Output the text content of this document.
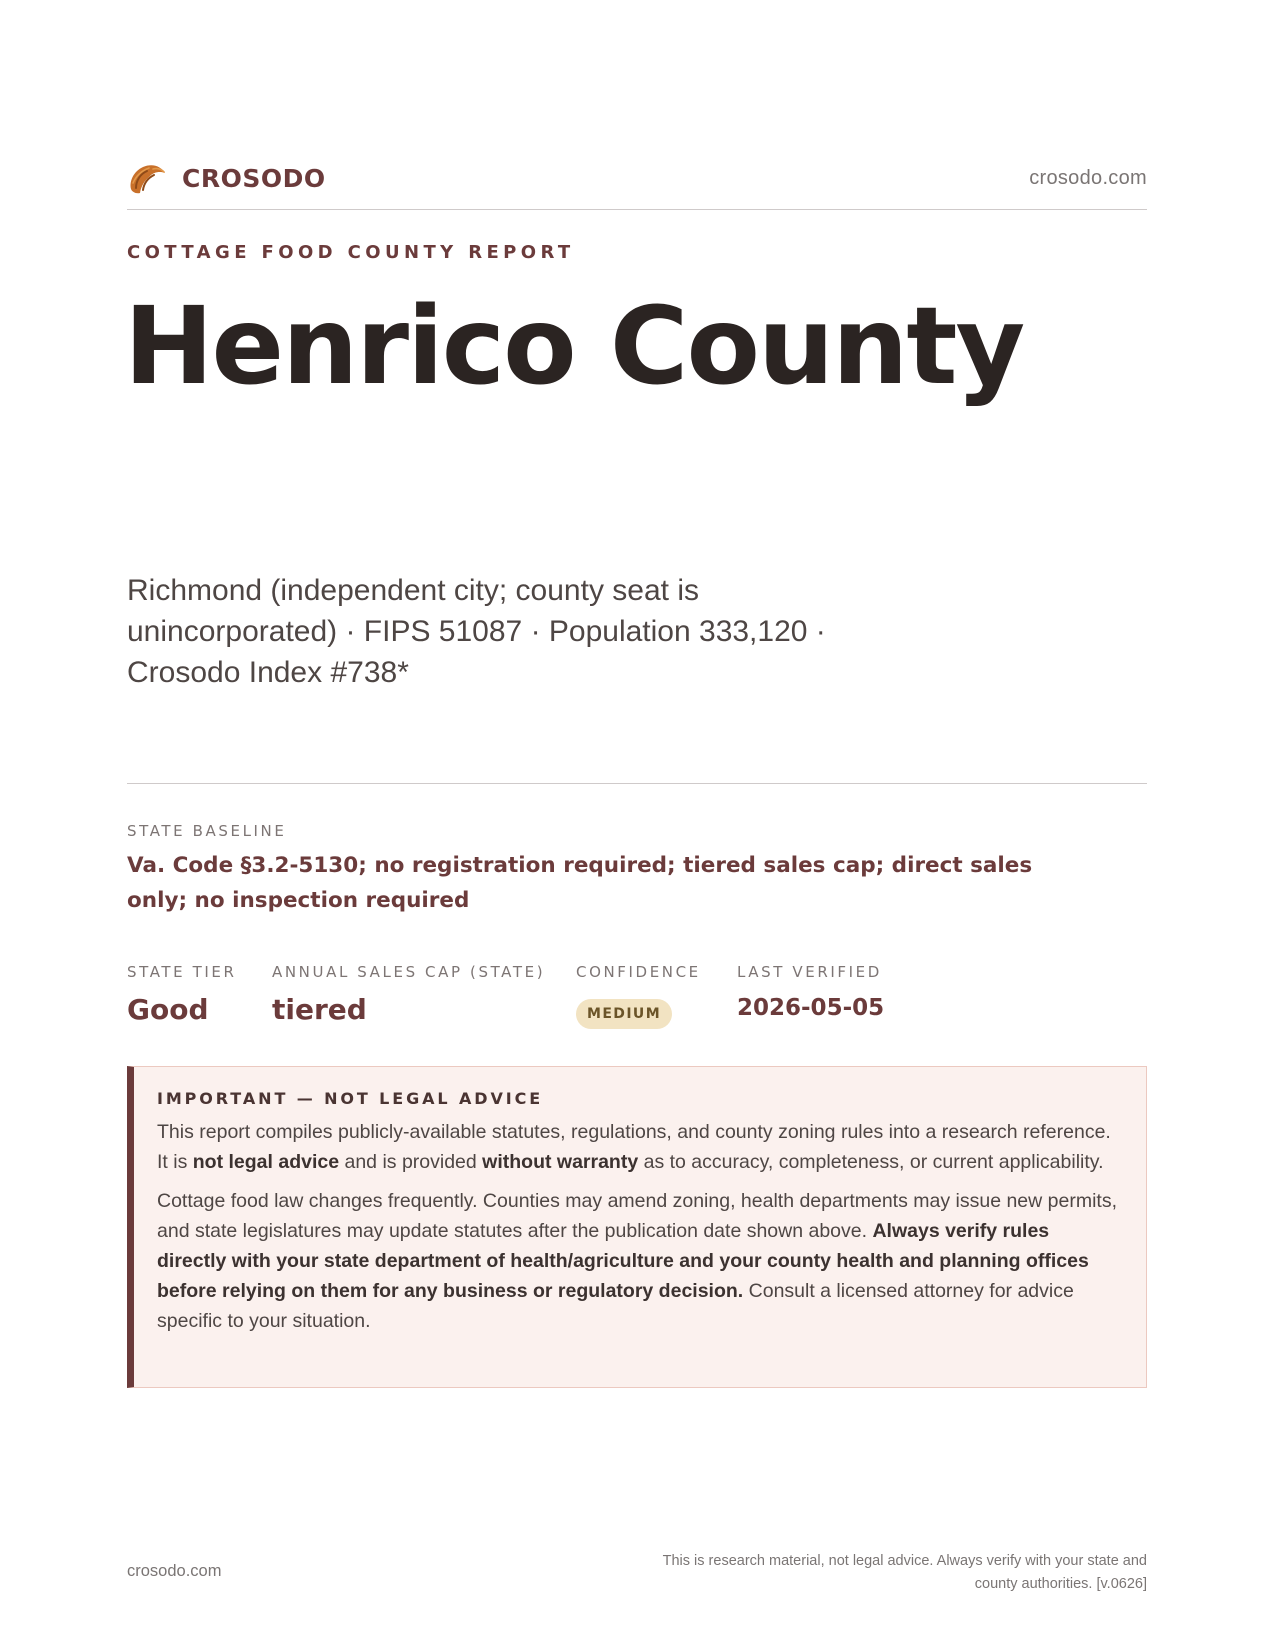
CROSODO	crosodo.com
COTTAGE FOOD COUNTY REPORT
Henrico County

Richmond (independent city; county seat is unincorporated) · FIPS 51087 · Population 333,120 · Crosodo Index #738*

STATE BASELINE

Va. Code §3.2-5130; no registration required; tiered sales cap; direct sales only; no inspection required

STATE TIER
Good
ANNUAL SALES CAP (STATE)
tiered
CONFIDENCE
MEDIUM
LAST VERIFIED
2026-05-05
IMPORTANT — NOT LEGAL ADVICE

This report compiles publicly-available statutes, regulations, and county zoning rules into a research reference. It is not legal advice and is provided without warranty as to accuracy, completeness, or current applicability.

Cottage food law changes frequently. Counties may amend zoning, health departments may issue new permits, and state legislatures may update statutes after the publication date shown above. Always verify rules directly with your state department of health/agriculture and your county health and planning offices before relying on them for any business or regulatory decision. Consult a licensed attorney for advice specific to your situation.

crosodo.com
This is research material, not legal advice. Always verify with your state and county authorities. [v.0626]
